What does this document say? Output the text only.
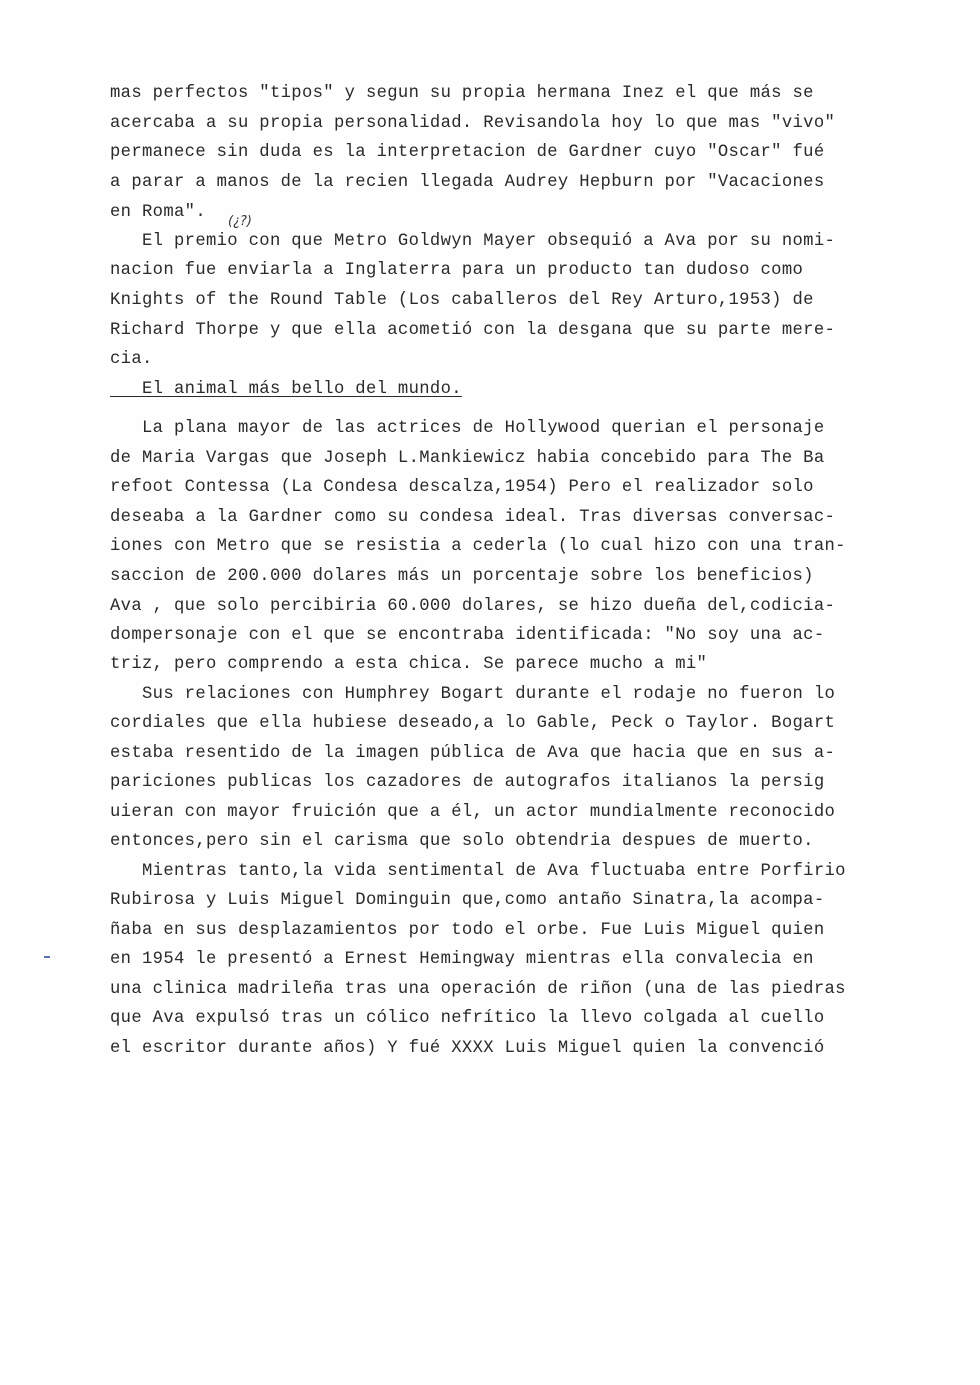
mas perfectos "tipos" y segun su propia hermana Inez el que más se
acercaba a su propia personalidad. Revisandola hoy lo que mas "vivo"
permanece sin duda es la interpretacion de Gardner cuyo "Oscar" fué
a parar a manos de la recien llegada Audrey Hepburn por "Vacaciones
en Roma". (¿?)
El premio con que Metro Goldwyn Mayer obsequió a Ava por su nomi-
nacion fue enviarla a Inglaterra para un producto tan dudoso como
Knights of the Round Table (Los caballeros del Rey Arturo,1953) de
Richard Thorpe y que ella acometió con la desgana que su parte mere-
cia.
El animal más bello del mundo.
La plana mayor de las actrices de Hollywood querian el personaje
de Maria Vargas que Joseph L.Mankiewicz habia concebido para The Ba
refoot Contessa (La Condesa descalza,1954) Pero el realizador solo
deseaba a la Gardner como su condesa ideal. Tras diversas conversac-
iones con Metro que se resistia a cederla (lo cual hizo con una tran-
saccion de 200.000 dolares más un porcentaje sobre los beneficios)
Ava , que solo percibiria 60.000 dolares, se hizo dueña del,codicia-
dompersonaje con el que se encontraba identificada: "No soy una ac-
triz, pero comprendo a esta chica. Se parece mucho a mi"
Sus relaciones con Humphrey Bogart durante el rodaje no fueron lo
cordiales que ella hubiese deseado,a lo Gable, Peck o Taylor. Bogart
estaba resentido de la imagen pública de Ava que hacia que en sus a-
pariciones publicas los cazadores de autografos italianos la persig
uieran con mayor fruición que a él, un actor mundialmente reconocido
entonces,pero sin el carisma que solo obtendria despues de muerto.
Mientras tanto,la vida sentimental de Ava fluctuaba entre Porfirio
Rubirosa y Luis Miguel Dominguin que,como antaño Sinatra,la acompa-
ñaba en sus desplazamientos por todo el orbe. Fue Luis Miguel quien
en 1954 le presentó a Ernest Hemingway mientras ella convalecia en
una clinica madrileña tras una operación de riñon (una de las piedras
que Ava expulsó tras un cólico nefrítico la llevo colgada al cuello
el escritor durante años) Y fué XXXX Luis Miguel quien la convenció
